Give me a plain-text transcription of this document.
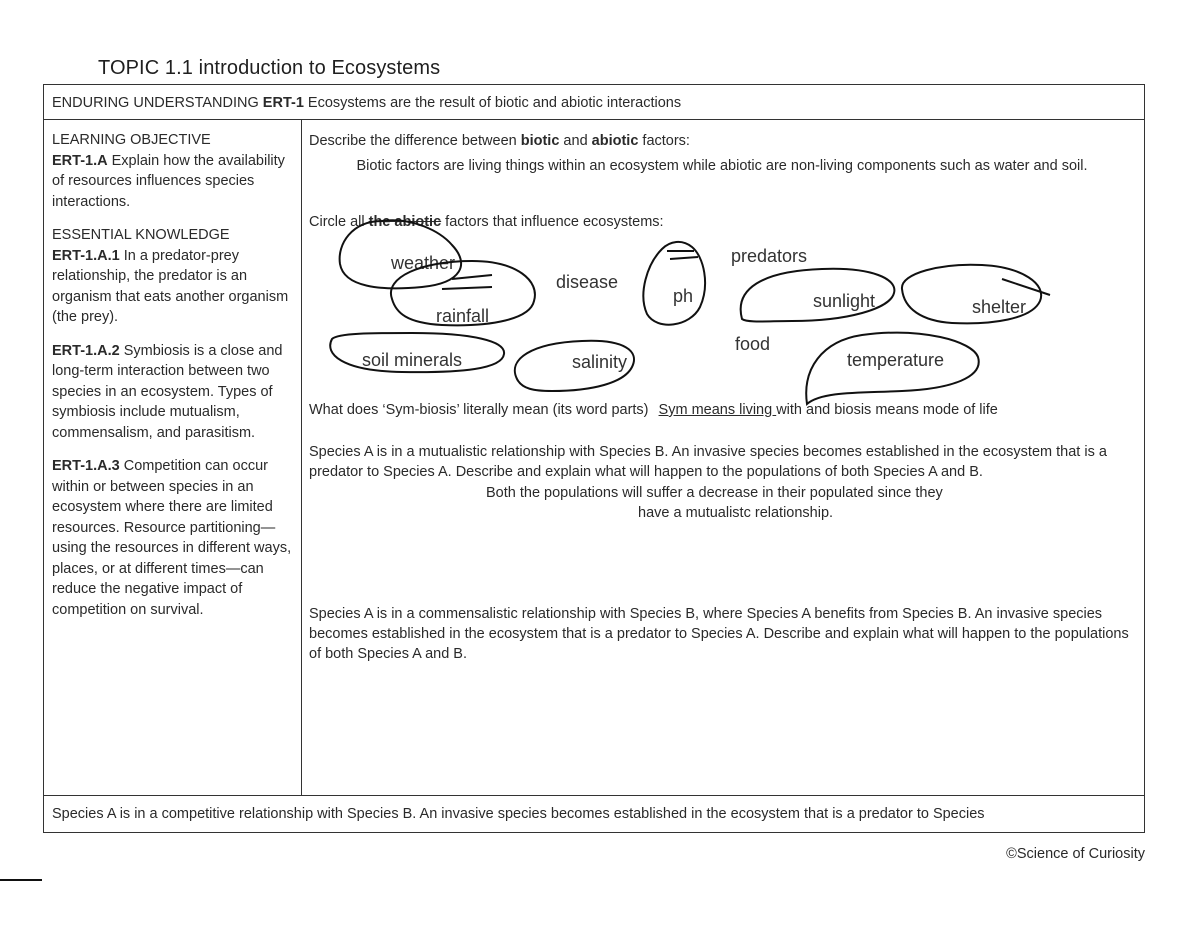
TOPIC 1.1 introduction to Ecosystems
ENDURING UNDERSTANDING ERT-1 Ecosystems are the result of biotic and abiotic interactions

LEARNING OBJECTIVE
ERT-1.A Explain how the availability of resources influences species interactions.

ESSENTIAL KNOWLEDGE
ERT-1.A.1 In a predator-prey relationship, the predator is an organism that eats another organism (the prey).

ERT-1.A.2 Symbiosis is a close and long-term interaction between two species in an ecosystem. Types of symbiosis include mutualism, commensalism, and parasitism.

ERT-1.A.3 Competition can occur within or between species in an ecosystem where there are limited resources. Resource partitioning— using the resources in different ways, places, or at different times—can reduce the negative impact of competition on survival.

Describe the difference between biotic and abiotic factors:
Biotic factors are living things within an ecosystem while abiotic are non-living components such as water and soil.
Circle all the abiotic factors that influence ecosystems:
weather	predators
disease
ph	sunlight	shelter
rainfall
food
soil minerals	salinity	temperature
What does ‘Sym-biosis’ literally mean (its word parts) Sym means living with and biosis means mode of life
Species A is in a mutualistic relationship with Species B. An invasive species becomes established in the ecosystem that is a predator to Species A. Describe and explain what will happen to the populations of both Species A and B.
Both the populations will suffer a decrease in their populated since they
have a mutualistc relationship.
Species A is in a commensalistic relationship with Species B, where Species A benefits from Species B. An invasive species becomes established in the ecosystem that is a predator to Species A. Describe and explain what will happen to the populations of both Species A and B.
Species A is in a competitive relationship with Species B. An invasive species becomes established in the ecosystem that is a predator to Species
©Science of Curiosity
